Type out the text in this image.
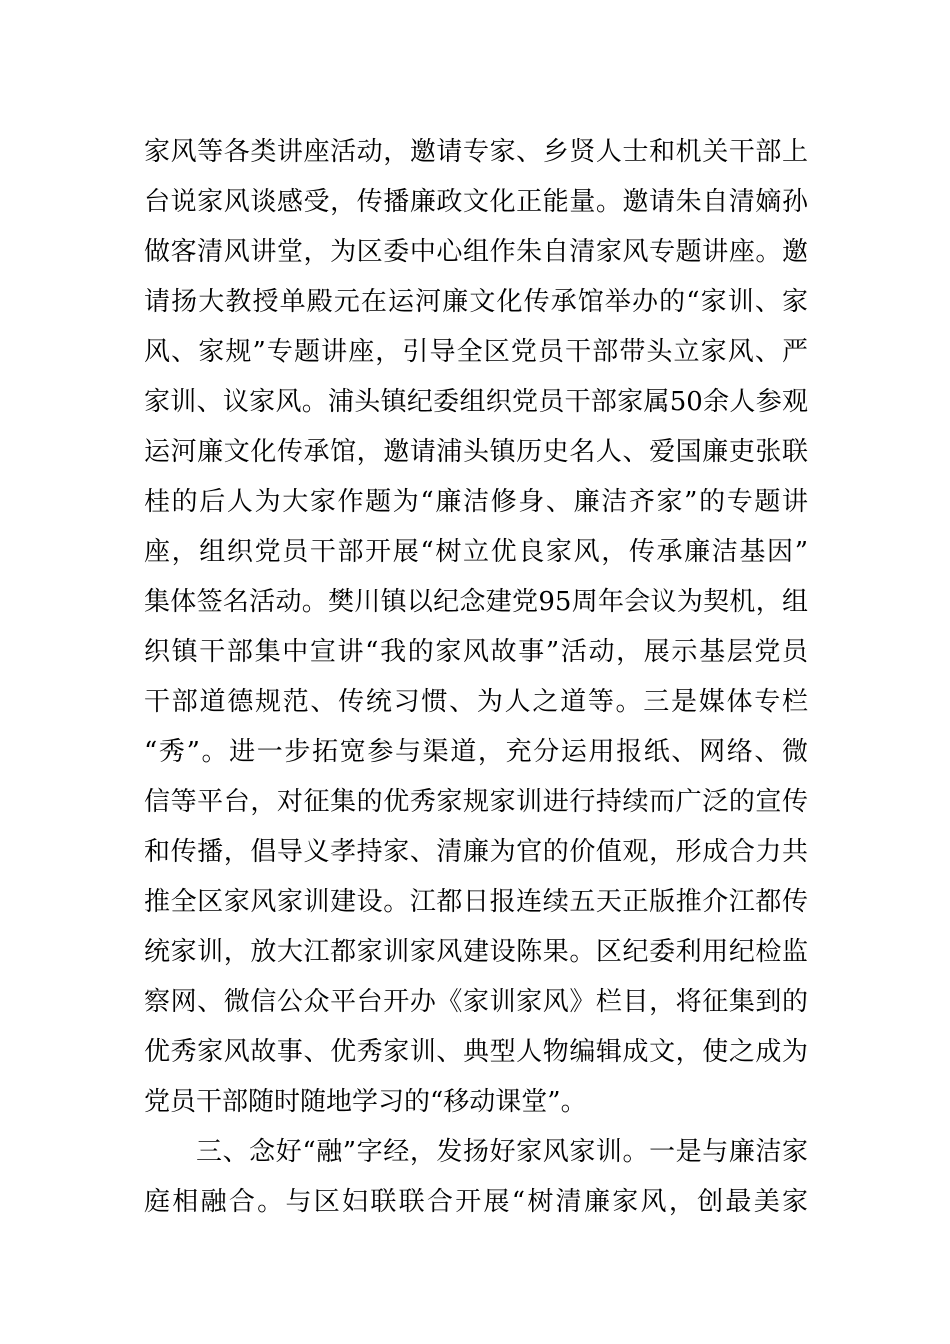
家风等各类讲座活动，邀请专家、乡贤人士和机关干部上
台说家风谈感受，传播廉政文化正能量。邀请朱自清嫡孙
做客清风讲堂，为区委中心组作朱自清家风专题讲座。邀
请扬大教授单殿元在运河廉文化传承馆举办的“家训、家
风、家规”专题讲座，引导全区党员干部带头立家风、严
家训、议家风。浦头镇纪委组织党员干部家属50余人参观
运河廉文化传承馆，邀请浦头镇历史名人、爱国廉吏张联
桂的后人为大家作题为“廉洁修身、廉洁齐家”的专题讲
座，组织党员干部开展“树立优良家风，传承廉洁基因”
集体签名活动。樊川镇以纪念建党95周年会议为契机，组
织镇干部集中宣讲“我的家风故事”活动，展示基层党员
干部道德规范、传统习惯、为人之道等。三是媒体专栏
“秀”。进一步拓宽参与渠道，充分运用报纸、网络、微
信等平台，对征集的优秀家规家训进行持续而广泛的宣传
和传播，倡导义孝持家、清廉为官的价值观，形成合力共
推全区家风家训建设。江都日报连续五天正版推介江都传
统家训，放大江都家训家风建设陈果。区纪委利用纪检监
察网、微信公众平台开办《家训家风》栏目，将征集到的
优秀家风故事、优秀家训、典型人物编辑成文，使之成为
党员干部随时随地学习的“移动课堂”。
三、念好“融”字经，发扬好家风家训。一是与廉洁家
庭相融合。与区妇联联合开展“树清廉家风，创最美家
